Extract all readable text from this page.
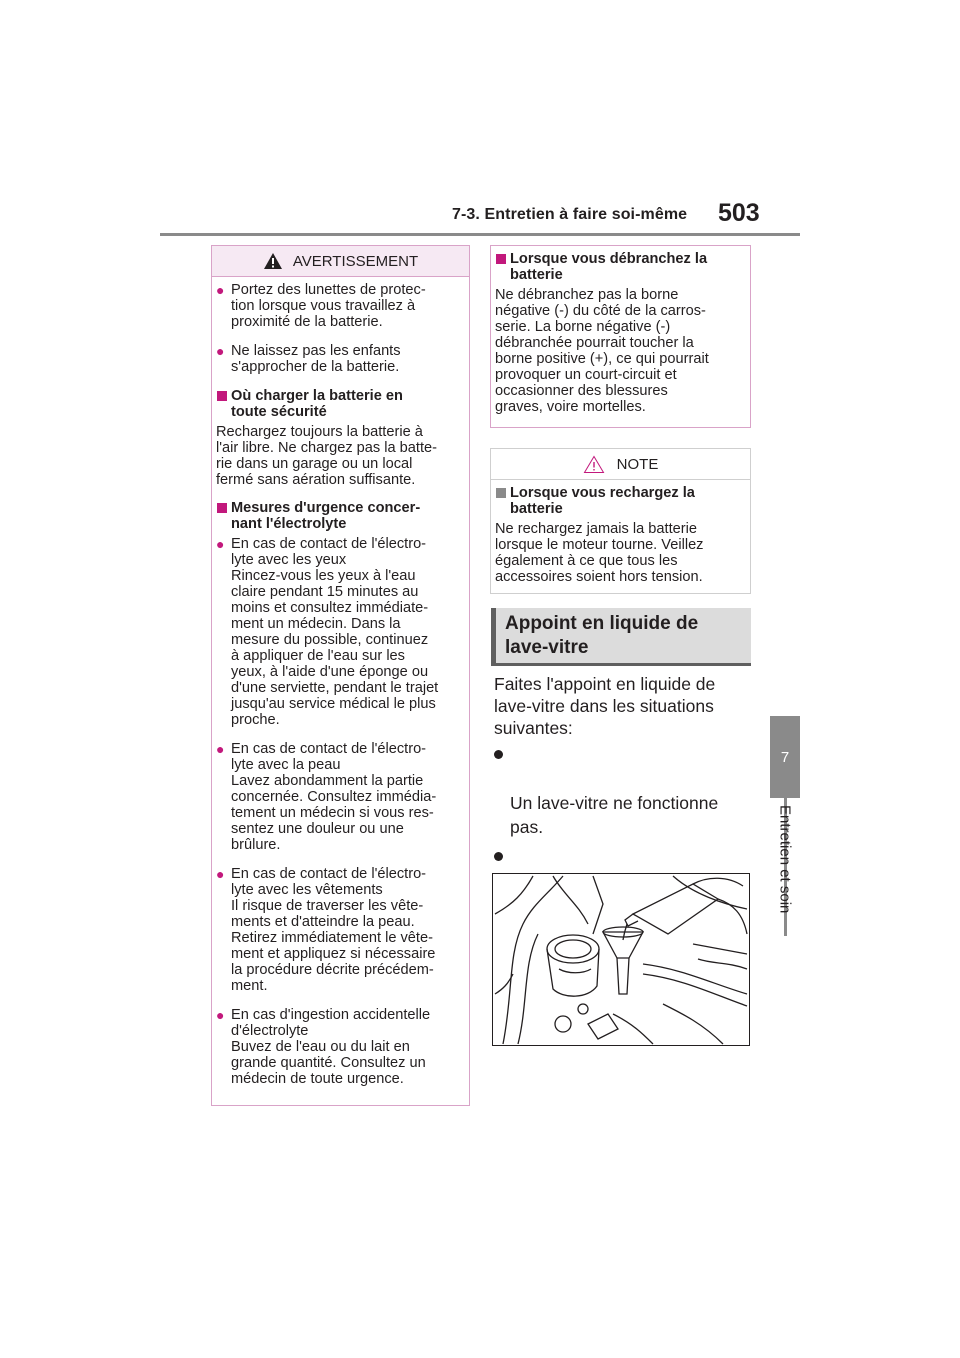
7-3. Entretien à faire soi-même 503
7
Entretien et soin
AVERTISSEMENT
● Portez des lunettes de protec-
tion lorsque vous travaillez à
proximité de la batterie.
● Ne laissez pas les enfants
s'approcher de la batterie.
Où charger la batterie en
toute sécurité
Rechargez toujours la batterie à
l'air libre. Ne chargez pas la batte-
rie dans un garage ou un local
fermé sans aération suffisante.
Mesures d'urgence concer-
nant l'électrolyte
● En cas de contact de l'électro-
lyte avec les yeux
Rincez-vous les yeux à l'eau
claire pendant 15 minutes au
moins et consultez immédiate-
ment un médecin. Dans la
mesure du possible, continuez
à appliquer de l'eau sur les
yeux, à l'aide d'une éponge ou
d'une serviette, pendant le trajet
jusqu'au service médical le plus
proche.
● En cas de contact de l'électro-
lyte avec la peau
Lavez abondamment la partie
concernée. Consultez immédia-
tement un médecin si vous res-
sentez une douleur ou une
brûlure.
● En cas de contact de l'électro-
lyte avec les vêtements
Il risque de traverser les vête-
ments et d'atteindre la peau.
Retirez immédiatement le vête-
ment et appliquez si nécessaire
la procédure décrite précédem-
ment.
● En cas d'ingestion accidentelle
d'électrolyte
Buvez de l'eau ou du lait en
grande quantité. Consultez un
médecin de toute urgence.
Lorsque vous débranchez la
batterie
Ne débranchez pas la borne
négative (-) du côté de la carros-
serie. La borne négative (-)
débranchée pourrait toucher la
borne positive (+), ce qui pourrait
provoquer un court-circuit et
occasionner des blessures
graves, voire mortelles.
NOTE
Lorsque vous rechargez la
batterie
Ne rechargez jamais la batterie
lorsque le moteur tourne. Veillez
également à ce que tous les
accessoires soient hors tension.
Appoint en liquide de
lave-vitre
Faites l'appoint en liquide de
lave-vitre dans les situations
suivantes:

Un lave-vitre ne fonctionne
pas.
